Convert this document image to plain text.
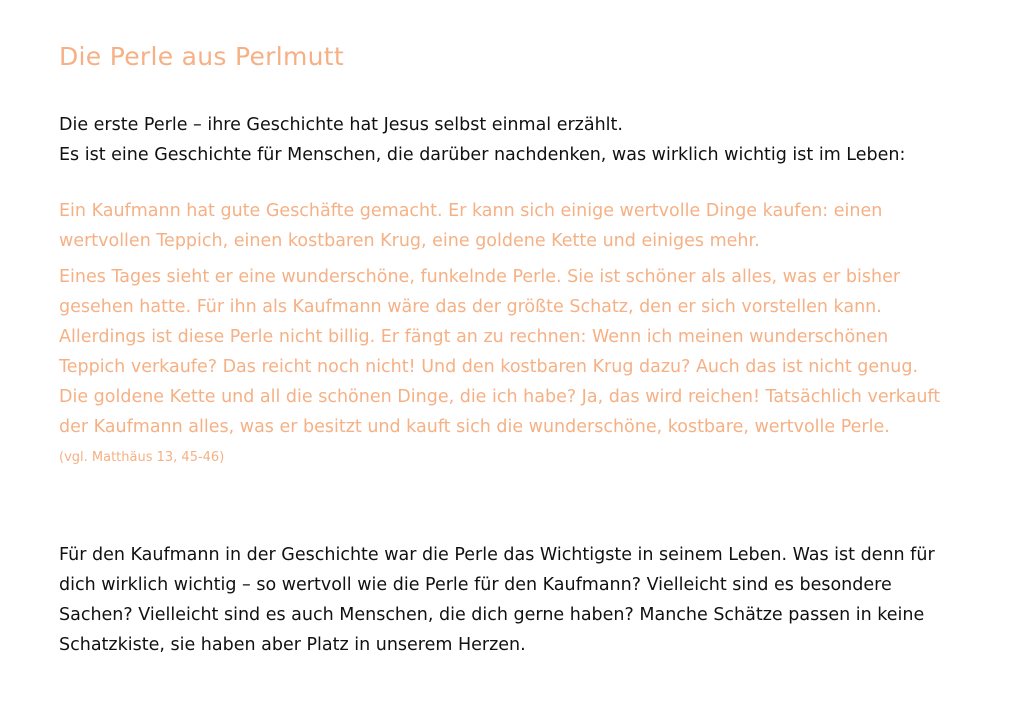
Die Perle aus Perlmutt

Die erste Perle – ihre Geschichte hat Jesus selbst einmal erzählt.
Es ist eine Geschichte für Menschen, die darüber nachdenken, was wirklich wichtig ist im Leben:

Ein Kaufmann hat gute Geschäfte gemacht. Er kann sich einige wertvolle Dinge kaufen: einen wertvollen Teppich, einen kostbaren Krug, eine goldene Kette und einiges mehr.

Eines Tages sieht er eine wunderschöne, funkelnde Perle. Sie ist schöner als alles, was er bisher gesehen hatte. Für ihn als Kaufmann wäre das der größte Schatz, den er sich vorstellen kann. Allerdings ist diese Perle nicht billig. Er fängt an zu rechnen: Wenn ich meinen wunderschönen Teppich verkaufe? Das reicht noch nicht! Und den kostbaren Krug dazu? Auch das ist nicht genug. Die goldene Kette und all die schönen Dinge, die ich habe? Ja, das wird reichen! Tatsächlich verkauft der Kaufmann alles, was er besitzt und kauft sich die wunderschöne, kostbare, wertvolle Perle.

(vgl. Matthäus 13, 45-46)

Für den Kaufmann in der Geschichte war die Perle das Wichtigste in seinem Leben. Was ist denn für dich wirklich wichtig – so wertvoll wie die Perle für den Kaufmann? Vielleicht sind es besondere Sachen? Vielleicht sind es auch Menschen, die dich gerne haben? Manche Schätze passen in keine Schatzkiste, sie haben aber Platz in unserem Herzen.
